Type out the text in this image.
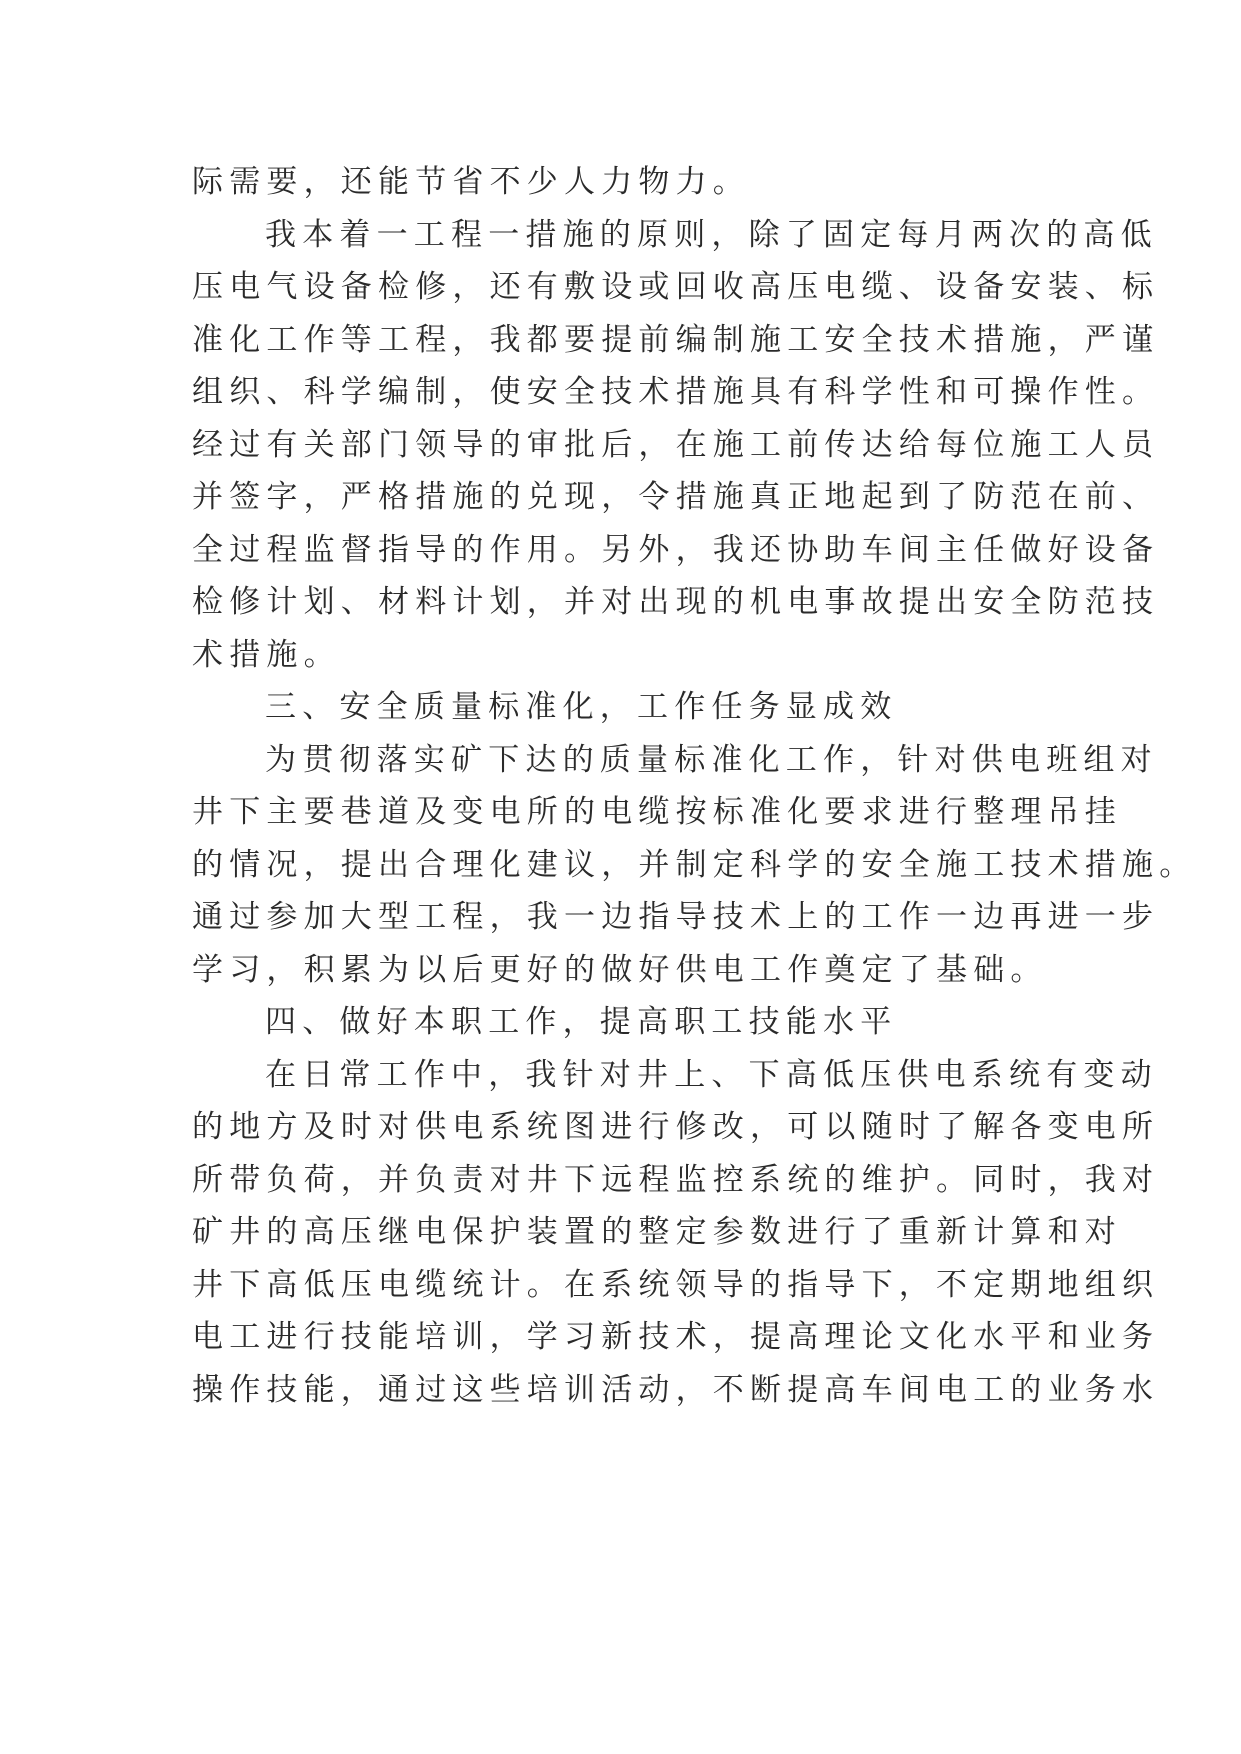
际需要，还能节省不少人力物力。
我本着一工程一措施的原则，除了固定每月两次的高低
压电气设备检修，还有敷设或回收高压电缆、设备安装、标
准化工作等工程，我都要提前编制施工安全技术措施，严谨
组织、科学编制，使安全技术措施具有科学性和可操作性。
经过有关部门领导的审批后，在施工前传达给每位施工人员
并签字，严格措施的兑现，令措施真正地起到了防范在前、
全过程监督指导的作用。另外，我还协助车间主任做好设备
检修计划、材料计划，并对出现的机电事故提出安全防范技
术措施。
三、安全质量标准化，工作任务显成效
为贯彻落实矿下达的质量标准化工作，针对供电班组对
井下主要巷道及变电所的电缆按标准化要求进行整理吊挂
的情况，提出合理化建议，并制定科学的安全施工技术措施。
通过参加大型工程，我一边指导技术上的工作一边再进一步
学习，积累为以后更好的做好供电工作奠定了基础。
四、做好本职工作，提高职工技能水平
在日常工作中，我针对井上、下高低压供电系统有变动
的地方及时对供电系统图进行修改，可以随时了解各变电所
所带负荷，并负责对井下远程监控系统的维护。同时，我对
矿井的高压继电保护装置的整定参数进行了重新计算和对
井下高低压电缆统计。在系统领导的指导下，不定期地组织
电工进行技能培训，学习新技术，提高理论文化水平和业务
操作技能，通过这些培训活动，不断提高车间电工的业务水
